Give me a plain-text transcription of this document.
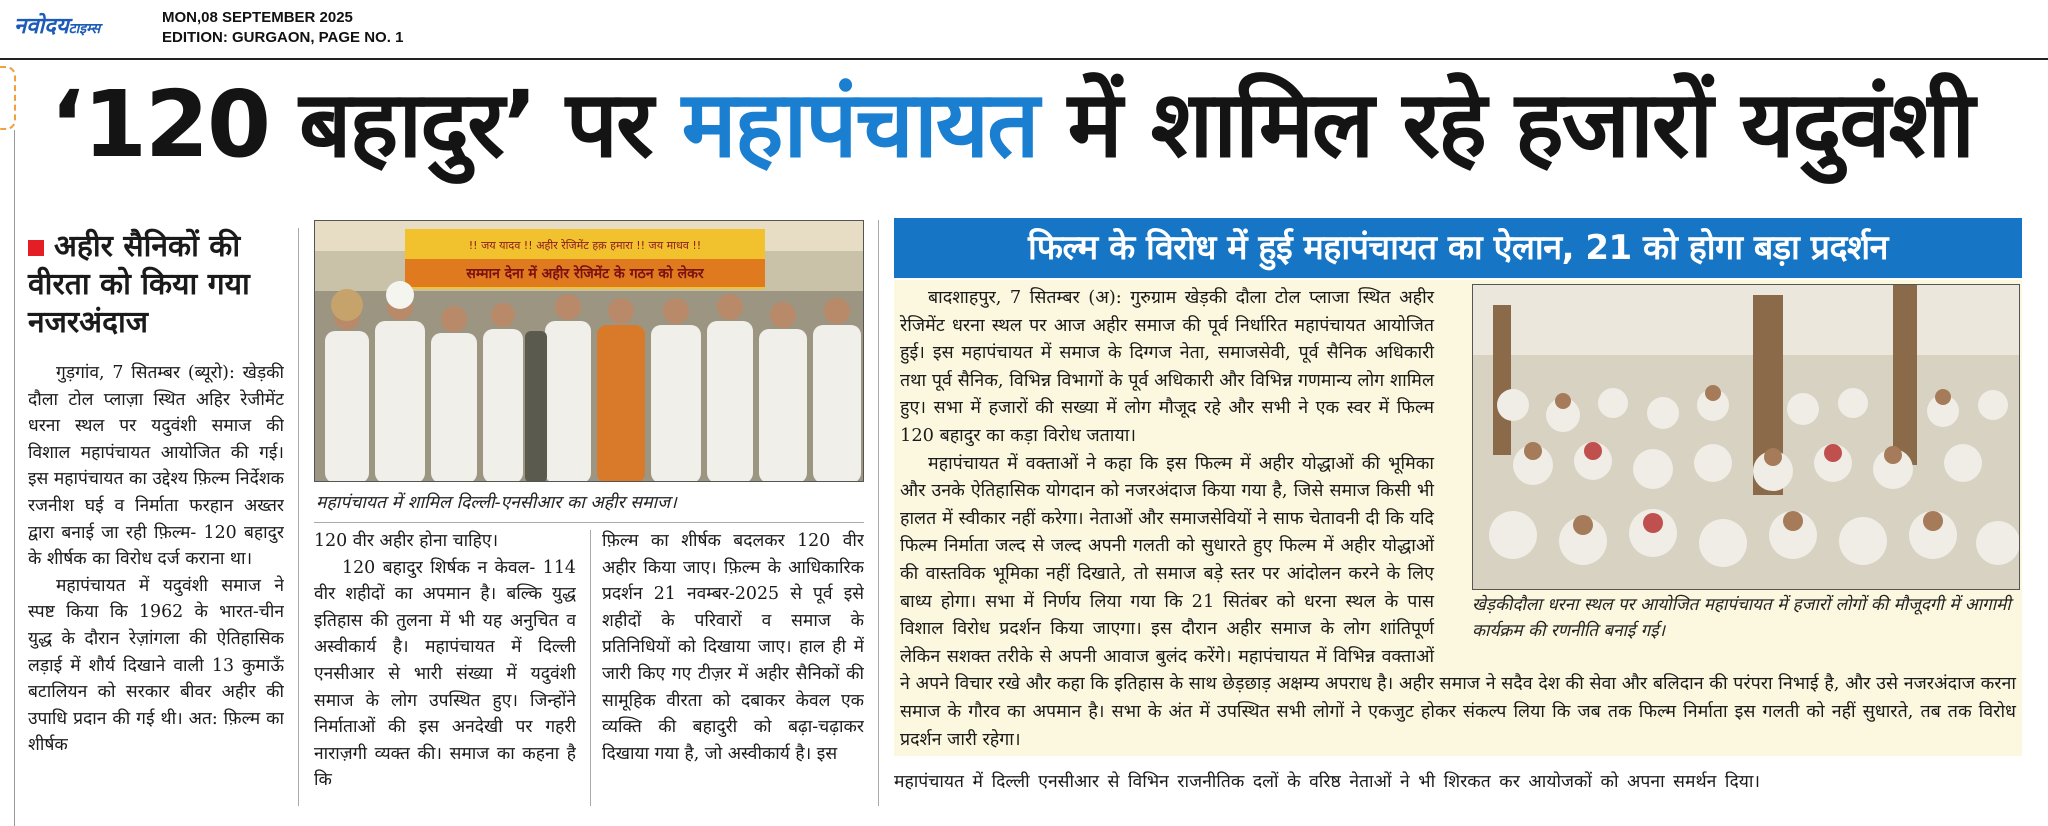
नवोदयटाइम्स
MON,08 SEPTEMBER 2025
EDITION: GURGAON, PAGE NO. 1
‘120 बहादुर’ पर महापंचायत में शामिल रहे हजारों यदुवंशी
अहीर सैनिकों की वीरता को किया गया नजरअंदाज

गुड़गांव, 7 सितम्बर (ब्यूरो): खेड़की दौला टोल प्लाज़ा स्थित अहिर रेजीमेंट धरना स्थल पर यदुवंशी समाज की विशाल महापंचायत आयोजित की गई। इस महापंचायत का उद्देश्य फ़िल्म निर्देशक रजनीश घई व निर्माता फरहान अख्तर द्वारा बनाई जा रही फ़िल्म- 120 बहादुर के शीर्षक का विरोध दर्ज कराना था।

महापंचायत में यदुवंशी समाज ने स्पष्ट किया कि 1962 के भारत-चीन युद्ध के दौरान रेज़ांगला की ऐतिहासिक लड़ाई में शौर्य दिखाने वाली 13 कुमाऊँ बटालियन को सरकार बीवर अहीर की उपाधि प्रदान की गई थी। अत: फ़िल्म का शीर्षक

!! जय यादव !! अहीर रेजिमेंट हक़ हमारा !! जय माधव !!
सम्मान देना में अहीर रेजिमेंट के गठन को लेकर
महापंचायत में शामिल दिल्ली-एनसीआर का अहीर समाज।

120 वीर अहीर होना चाहिए।

120 बहादुर शिर्षक न केवल- 114 वीर शहीदों का अपमान है। बल्कि युद्ध इतिहास की तुलना में भी यह अनुचित व अस्वीकार्य है। महापंचायत में दिल्ली एनसीआर से भारी संख्या में यदुवंशी समाज के लोग उपस्थित हुए। जिन्होंने निर्माताओं की इस अनदेखी पर गहरी नाराज़गी व्यक्त की। समाज का कहना है कि

फ़िल्म का शीर्षक बदलकर 120 वीर अहीर किया जाए। फ़िल्म के आधिकारिक प्रदर्शन 21 नवम्बर-2025 से पूर्व इसे शहीदों के परिवारों व समाज के प्रतिनिधियों को दिखाया जाए। हाल ही में जारी किए गए टीज़र में अहीर सैनिकों की सामूहिक वीरता को दबाकर केवल एक व्यक्ति की बहादुरी को बढ़ा-चढ़ाकर दिखाया गया है, जो अस्वीकार्य है। इस

फिल्म के विरोध में हुई महापंचायत का ऐलान, 21 को होगा बड़ा प्रदर्शन
खेड़कीदौला धरना स्थल पर आयोजित महापंचायत में हजारों लोगों की मौजूदगी में आगामी कार्यक्रम की रणनीति बनाई गई।

बादशाहपुर, 7 सितम्बर (अ): गुरुग्राम खेड़की दौला टोल प्लाजा स्थित अहीर रेजिमेंट धरना स्थल पर आज अहीर समाज की पूर्व निर्धारित महापंचायत आयोजित हुई। इस महापंचायत में समाज के दिग्गज नेता, समाजसेवी, पूर्व सैनिक अधिकारी तथा पूर्व सैनिक, विभिन्न विभागों के पूर्व अधिकारी और विभिन्न गणमान्य लोग शामिल हुए। सभा में हजारों की सख्या में लोग मौजूद रहे और सभी ने एक स्वर में फिल्म 120 बहादुर का कड़ा विरोध जताया।

महापंचायत में वक्ताओं ने कहा कि इस फिल्म में अहीर योद्धाओं की भूमिका और उनके ऐतिहासिक योगदान को नजरअंदाज किया गया है, जिसे समाज किसी भी हालत में स्वीकार नहीं करेगा। नेताओं और समाजसेवियों ने साफ चेतावनी दी कि यदि फिल्म निर्माता जल्द से जल्द अपनी गलती को सुधारते हुए फिल्म में अहीर योद्धाओं की वास्तविक भूमिका नहीं दिखाते, तो समाज बड़े स्तर पर आंदोलन करने के लिए बाध्य होगा। सभा में निर्णय लिया गया कि 21 सितंबर को धरना स्थल के पास विशाल विरोध प्रदर्शन किया जाएगा। इस दौरान अहीर समाज के लोग शांतिपूर्ण लेकिन सशक्त तरीके से अपनी आवाज बुलंद करेंगे। महापंचायत में विभिन्न वक्ताओं ने अपने विचार रखे और कहा कि इतिहास के साथ छेड़छाड़ अक्षम्य अपराध है। अहीर समाज ने सदैव देश की सेवा और बलिदान की परंपरा निभाई है, और उसे नजरअंदाज करना समाज के गौरव का अपमान है। सभा के अंत में उपस्थित सभी लोगों ने एकजुट होकर संकल्प लिया कि जब तक फिल्म निर्माता इस गलती को नहीं सुधारते, तब तक विरोध प्रदर्शन जारी रहेगा।

महापंचायत में दिल्ली एनसीआर से विभिन राजनीतिक दलों के वरिष्ठ नेताओं ने भी शिरकत कर आयोजकों को अपना समर्थन दिया।
